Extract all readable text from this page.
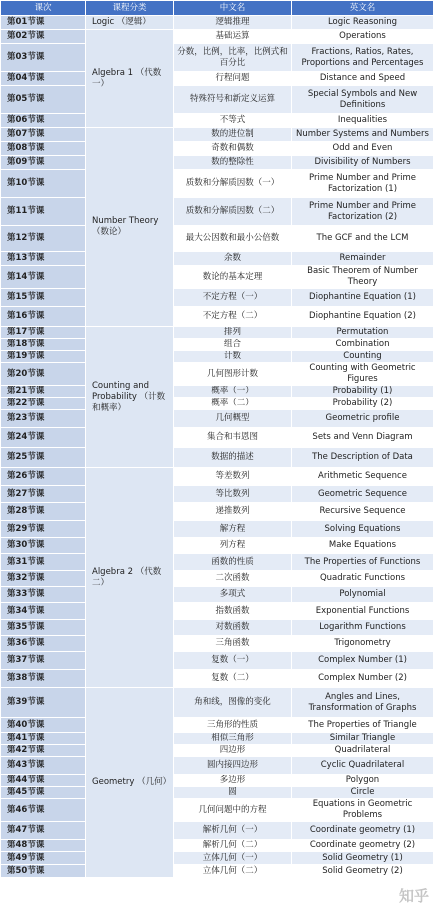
课次	课程分类	中文名	英文名
第01节课	Logic （逻辑）	逻辑推理	Logic Reasoning
第02节课	Algebra 1 （代数一）	基础运算	Operations
第03节课		分数，比例，比率，比例式和百分比	Fractions, Ratios, Rates, Proportions and Percentages
第04节课		行程问题	Distance and Speed
第05节课		特殊符号和新定义运算	Special Symbols and New Definitions
第06节课		不等式	Inequalities
第07节课	Number Theory （数论）	数的进位制	Number Systems and Numbers
第08节课		奇数和偶数	Odd and Even
第09节课		数的整除性	Divisibility of Numbers
第10节课		质数和分解质因数（一）	Prime Number and Prime Factorization (1)
第11节课		质数和分解质因数（二）	Prime Number and Prime Factorization (2)
第12节课		最大公因数和最小公倍数	The GCF and the LCM
第13节课		余数	Remainder
第14节课		数论的基本定理	Basic Theorem of Number Theory
第15节课		不定方程（一）	Diophantine Equation (1)
第16节课		不定方程（二）	Diophantine Equation (2)
第17节课	Counting and Probability （计数和概率）	排列	Permutation
第18节课		组合	Combination
第19节课		计数	Counting
第20节课		几何图形计数	Counting with Geometric Figures
第21节课		概率（一）	Probability (1)
第22节课		概率（二）	Probability (2)
第23节课		几何概型	Geometric profile
第24节课		集合和韦恩图	Sets and Venn Diagram
第25节课		数据的描述	The Description of Data
第26节课	Algebra 2 （代数二）	等差数列	Arithmetic Sequence
第27节课		等比数列	Geometric Sequence
第28节课		递推数列	Recursive Sequence
第29节课		解方程	Solving Equations
第30节课		列方程	Make Equations
第31节课		函数的性质	The Properties of Functions
第32节课		二次函数	Quadratic Functions
第33节课		多项式	Polynomial
第34节课		指数函数	Exponential Functions
第35节课		对数函数	Logarithm Functions
第36节课		三角函数	Trigonometry
第37节课		复数（一）	Complex Number (1)
第38节课		复数（二）	Complex Number (2)
第39节课	Geometry （几何）	角和线，图像的变化	Angles and Lines, Transformation of Graphs
第40节课		三角形的性质	The Properties of Triangle
第41节课		相似三角形	Similar Triangle
第42节课		四边形	Quadrilateral
第43节课		圆内接四边形	Cyclic Quadrilateral
第44节课		多边形	Polygon
第45节课		圆	Circle
第46节课		几何问题中的方程	Equations in Geometric Problems
第47节课		解析几何（一）	Coordinate geometry (1)
第48节课		解析几何（二）	Coordinate geometry (2)
第49节课		立体几何（一）	Solid Geometry (1)
第50节课		立体几何（二）	Solid Geometry (2)
知乎
